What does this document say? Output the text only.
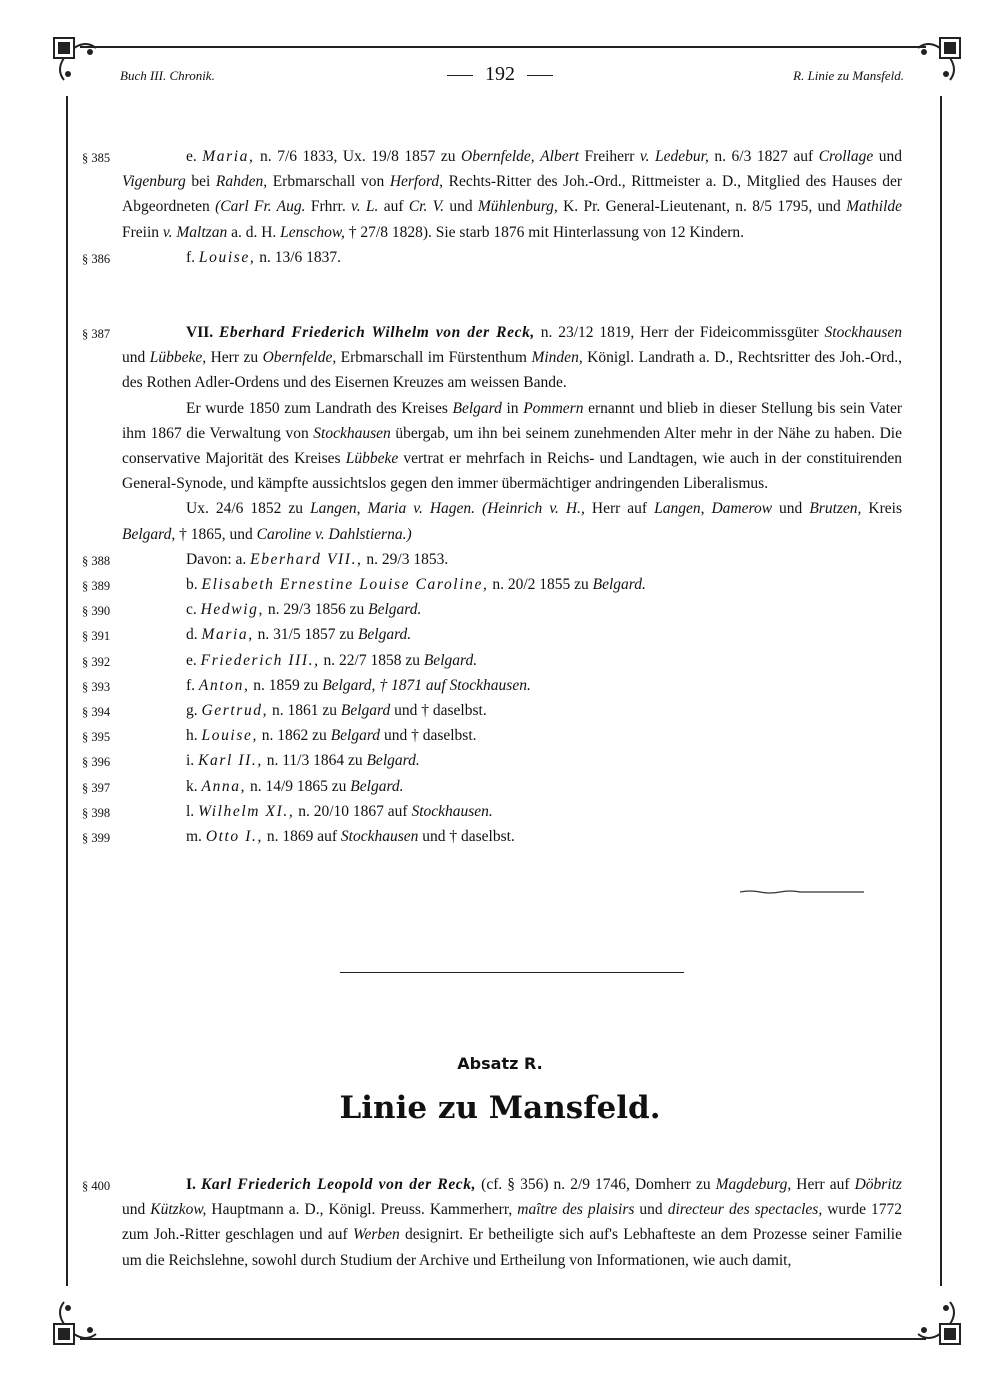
Buch III. Chronik.	192	R. Linie zu Mansfeld.

§ 385	e. Maria, n. 7/6 1833, Ux. 19/8 1857 zu Obernfelde, Albert Freiherr v. Ledebur, n. 6/3 1827 auf Crollage und Vigenburg bei Rahden, Erbmarschall von Herford, Rechts-Ritter des Joh.-Ord., Rittmeister a. D., Mitglied des Hauses der Abgeordneten (Carl Fr. Aug. Frhrr. v. L. auf Cr. V. und Mühlenburg, K. Pr. General-Lieutenant, n. 8/5 1795, und Mathilde Freiin v. Maltzan a. d. H. Lenschow, † 27/8 1828). Sie starb 1876 mit Hinterlassung von 12 Kindern.

§ 386	f. Louise, n. 13/6 1837.

§ 387	VII. Eberhard Friederich Wilhelm von der Reck, n. 23/12 1819, Herr der Fideicommissgüter Stockhausen und Lübbeke, Herr zu Obernfelde, Erbmarschall im Fürstenthum Minden, Königl. Landrath a. D., Rechtsritter des Joh.-Ord., des Rothen Adler-Ordens und des Eisernen Kreuzes am weissen Bande.

Er wurde 1850 zum Landrath des Kreises Belgard in Pommern ernannt und blieb in dieser Stellung bis sein Vater ihm 1867 die Verwaltung von Stockhausen übergab, um ihn bei seinem zunehmenden Alter mehr in der Nähe zu haben. Die conservative Majorität des Kreises Lübbeke vertrat er mehrfach in Reichs- und Landtagen, wie auch in der constituirenden General-Synode, und kämpfte aussichtslos gegen den immer übermächtiger andringenden Liberalismus.

Ux. 24/6 1852 zu Langen, Maria v. Hagen. (Heinrich v. H., Herr auf Langen, Damerow und Brutzen, Kreis Belgard, † 1865, und Caroline v. Dahlstierna.)

§ 388	Davon: a. Eberhard VII., n. 29/3 1853.

§ 389	b. Elisabeth Ernestine Louise Caroline, n. 20/2 1855 zu Belgard.

§ 390	c. Hedwig, n. 29/3 1856 zu Belgard.

§ 391	d. Maria, n. 31/5 1857 zu Belgard.

§ 392	e. Friederich III., n. 22/7 1858 zu Belgard.

§ 393	f. Anton, n. 1859 zu Belgard, † 1871 auf Stockhausen.

§ 394	g. Gertrud, n. 1861 zu Belgard und † daselbst.

§ 395	h. Louise, n. 1862 zu Belgard und † daselbst.

§ 396	i. Karl II., n. 11/3 1864 zu Belgard.

§ 397	k. Anna, n. 14/9 1865 zu Belgard.

§ 398	l. Wilhelm XI., n. 20/10 1867 auf Stockhausen.

§ 399	m. Otto I., n. 1869 auf Stockhausen und † daselbst.

Absatz R.
Linie zu Mansfeld.

§ 400	I. Karl Friederich Leopold von der Reck, (cf. § 356) n. 2/9 1746, Domherr zu Magdeburg, Herr auf Döbritz und Kützkow, Hauptmann a. D., Königl. Preuss. Kammerherr, maître des plaisirs und directeur des spectacles, wurde 1772 zum Joh.-Ritter geschlagen und auf Werben designirt. Er betheiligte sich auf's Lebhafteste an dem Prozesse seiner Familie um die Reichslehne, sowohl durch Studium der Archive und Ertheilung von Informationen, wie auch damit,
